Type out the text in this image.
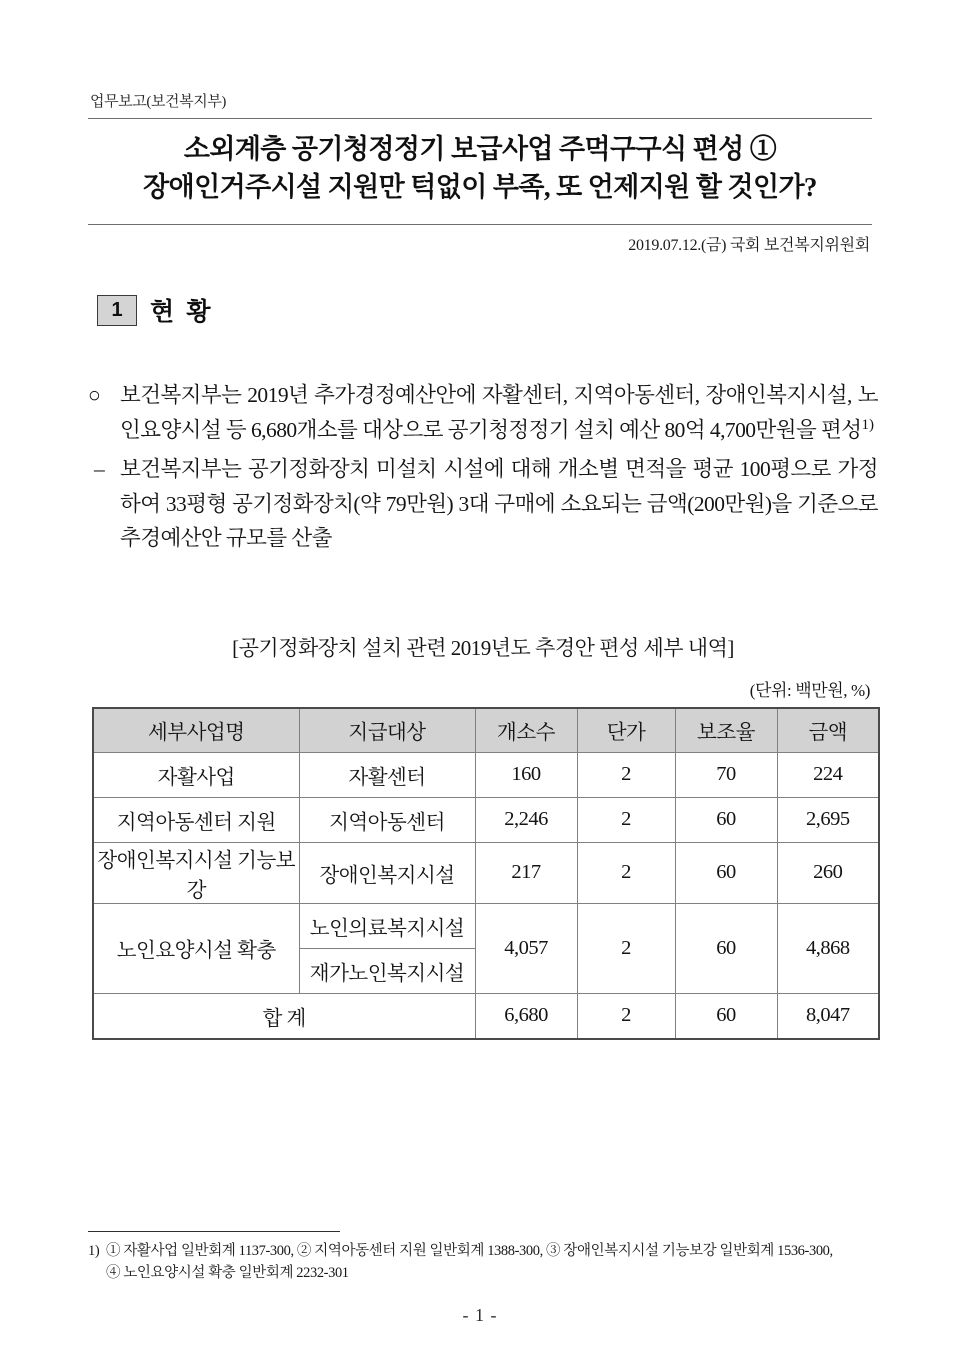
업무보고(보건복지부)
소외계층 공기청정정기 보급사업 주먹구구식 편성 ①
장애인거주시설 지원만 턱없이 부족, 또 언제지원 할 것인가?
2019.07.12.(금) 국회 보건복지위원회
1	현 황
○ 보건복지부는 2019년 추가경정예산안에 자활센터, 지역아동센터, 장애인복지시설, 노인요양시설 등 6,680개소를 대상으로 공기청정정기 설치 예산 80억 4,700만원을 편성$^{1)}$
– 보건복지부는 공기정화장치 미설치 시설에 대해 개소별 면적을 평균 100평으로 가정하여 33평형 공기정화장치(약 79만원) 3대 구매에 소요되는 금액(200만원)을 기준으로 추경예산안 규모를 산출
[공기정화장치 설치 관련 2019년도 추경안 편성 세부 내역]
(단위: 백만원, %)
세부사업명	지급대상	개소수	단가	보조율	금액
자활사업	자활센터	160	2	70	224
지역아동센터 지원	지역아동센터	2,246	2	60	2,695
장애인복지시설 기능보강	장애인복지시설	217	2	60	260
노인요양시설 확충	노인의료복지시설	4,057	2	60	4,868
	재가노인복지시설				
합 계		6,680	2	60	8,047
1) ① 자활사업 일반회계 1137-300, ② 지역아동센터 지원 일반회계 1388-300, ③ 장애인복지시설 기능보강 일반회계 1536-300,
④ 노인요양시설 확충 일반회계 2232-301
- 1 -
